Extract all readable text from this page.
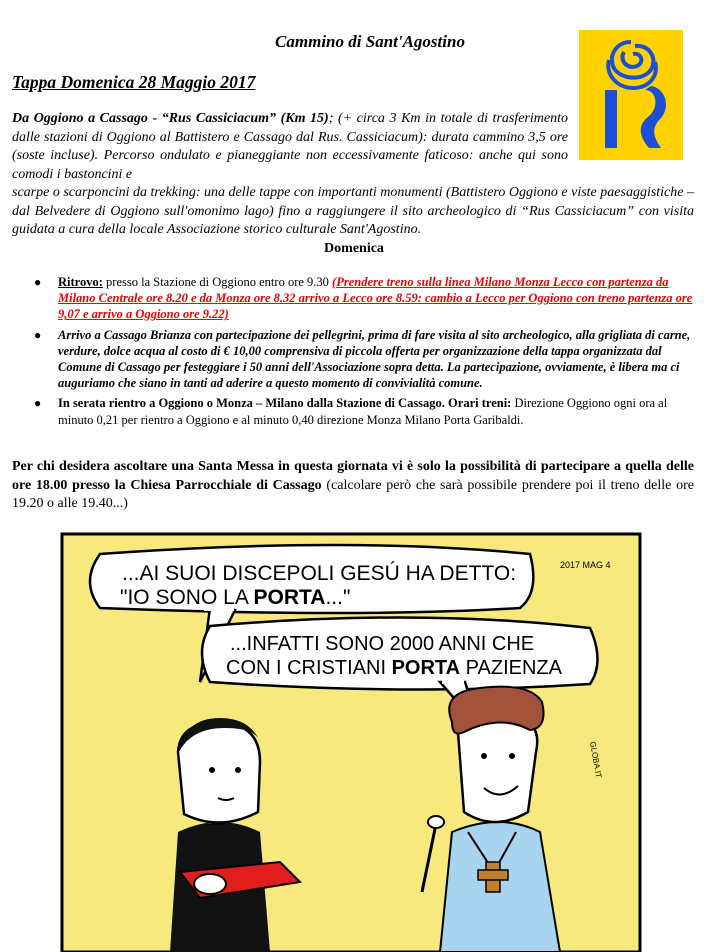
Cammino di Sant'Agostino
Tappa Domenica 28 Maggio 2017
Da Oggiono a Cassago - “Rus Cassiciacum” (Km 15); (+ circa 3 Km in totale di trasferimento dalle stazioni di Oggiono al Battistero e Cassago dal Rus. Cassiciacum): durata cammino 3,5 ore (soste incluse). Percorso ondulato e pianeggiante non eccessivamente faticoso: anche qui sono comodi i bastoncini e
scarpe o scarponcini da trekking: una delle tappe con importanti monumenti (Battistero Oggiono e viste paesaggistiche – dal Belvedere di Oggiono sull'omonimo lago) fino a raggiungere il sito archeologico di “Rus Cassiciacum” con visita guidata a cura della locale Associazione storico culturale Sant'Agostino.
Domenica
● Ritrovo: presso la Stazione di Oggiono entro ore 9.30 (Prendere treno sulla linea Milano Monza Lecco con partenza da Milano Centrale ore 8.20 e da Monza ore 8.32 arrivo a Lecco ore 8.59: cambio a Lecco per Oggiono con treno partenza ore 9,07 e arrivo a Oggiono ore 9.22)
● Arrivo a Cassago Brianza con partecipazione dei pellegrini, prima di fare visita al sito archeologico, alla grigliata di carne, verdure, dolce acqua al costo di € 10,00 comprensiva di piccola offerta per organizzazione della tappa organizzata dal Comune di Cassago per festeggiare i 50 anni dell'Associazione sopra detta. La partecipazione, ovviamente, è libera ma ci auguriamo che siano in tanti ad aderire a questo momento di convivialità comune.
● In serata rientro a Oggiono o Monza – Milano dalla Stazione di Cassago. Orari treni: Direzione Oggiono ogni ora al minuto 0,21 per rientro a Oggiono e al minuto 0,40 direzione Monza Milano Porta Garibaldi.
Per chi desidera ascoltare una Santa Messa in questa giornata vi è solo la possibilità di partecipare a quella delle ore 18.00 presso la Chiesa Parrocchiale di Cassago (calcolare però che sarà possibile prendere poi il treno delle ore 19.20 o alle 19.40...)
...AI SUOI DISCEPOLI GESÚ HA DETTO:
"IO SONO LA PORTA..."
2017 MAG 4
...INFATTI SONO 2000 ANNI CHE
CON I CRISTIANI PORTA PAZIENZA
GLOBA.IT
